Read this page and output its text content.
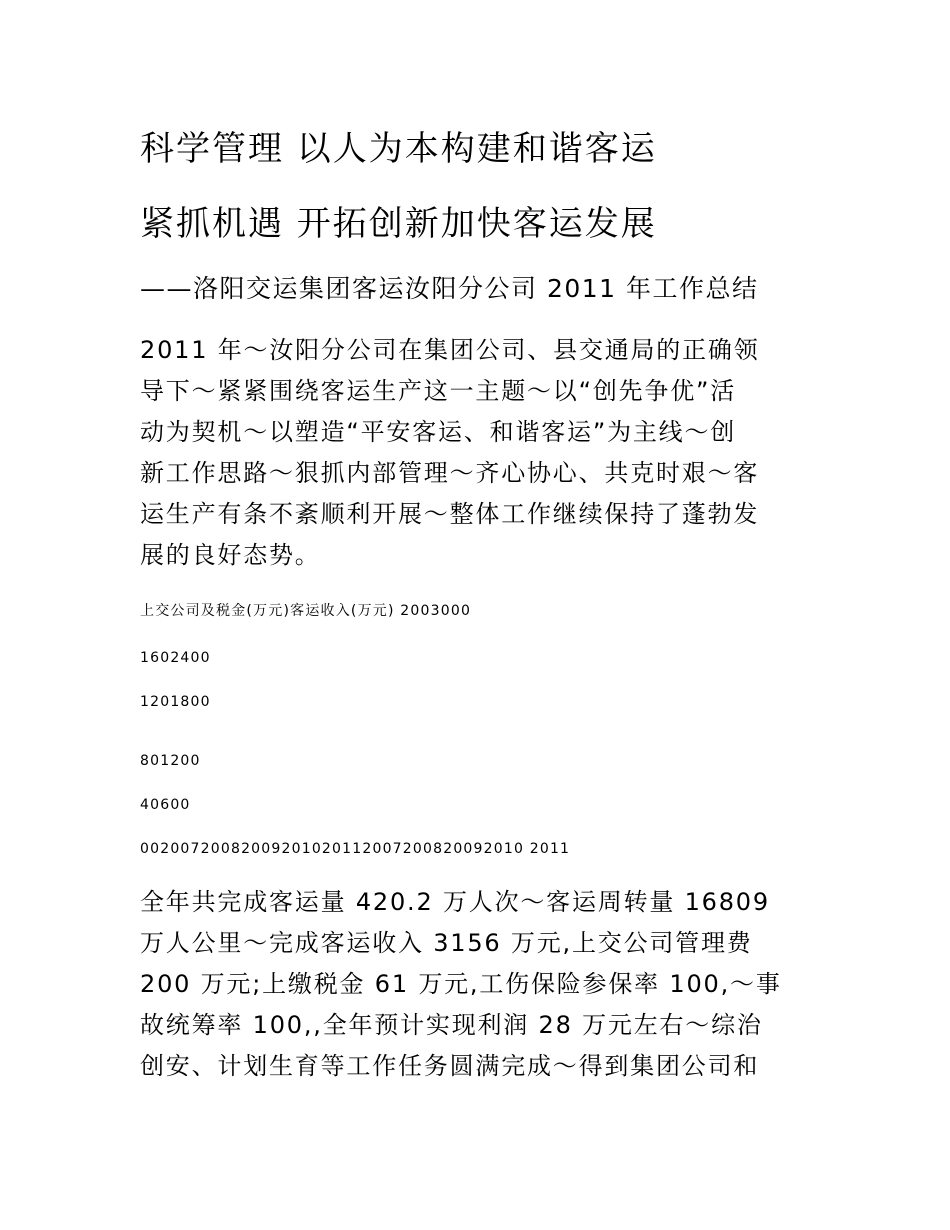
科学管理 以人为本构建和谐客运
紧抓机遇 开拓创新加快客运发展
——洛阳交运集团客运汝阳分公司 2011 年工作总结
2011 年～汝阳分公司在集团公司、县交通局的正确领
导下～紧紧围绕客运生产这一主题～以“创先争优”活
动为契机～以塑造“平安客运、和谐客运”为主线～创
新工作思路～狠抓内部管理～齐心协心、共克时艰～客
运生产有条不紊顺利开展～整体工作继续保持了蓬勃发
展的良好态势。
上交公司及税金(万元)客运收入(万元) 2003000
1602400
1201800
801200
40600
00200720082009201020112007200820092010 2011
全年共完成客运量 420.2 万人次～客运周转量 16809
万人公里～完成客运收入 3156 万元,上交公司管理费
200 万元;上缴税金 61 万元,工伤保险参保率 100,～事
故统筹率 100,,全年预计实现利润 28 万元左右～综治
创安、计划生育等工作任务圆满完成～得到集团公司和
